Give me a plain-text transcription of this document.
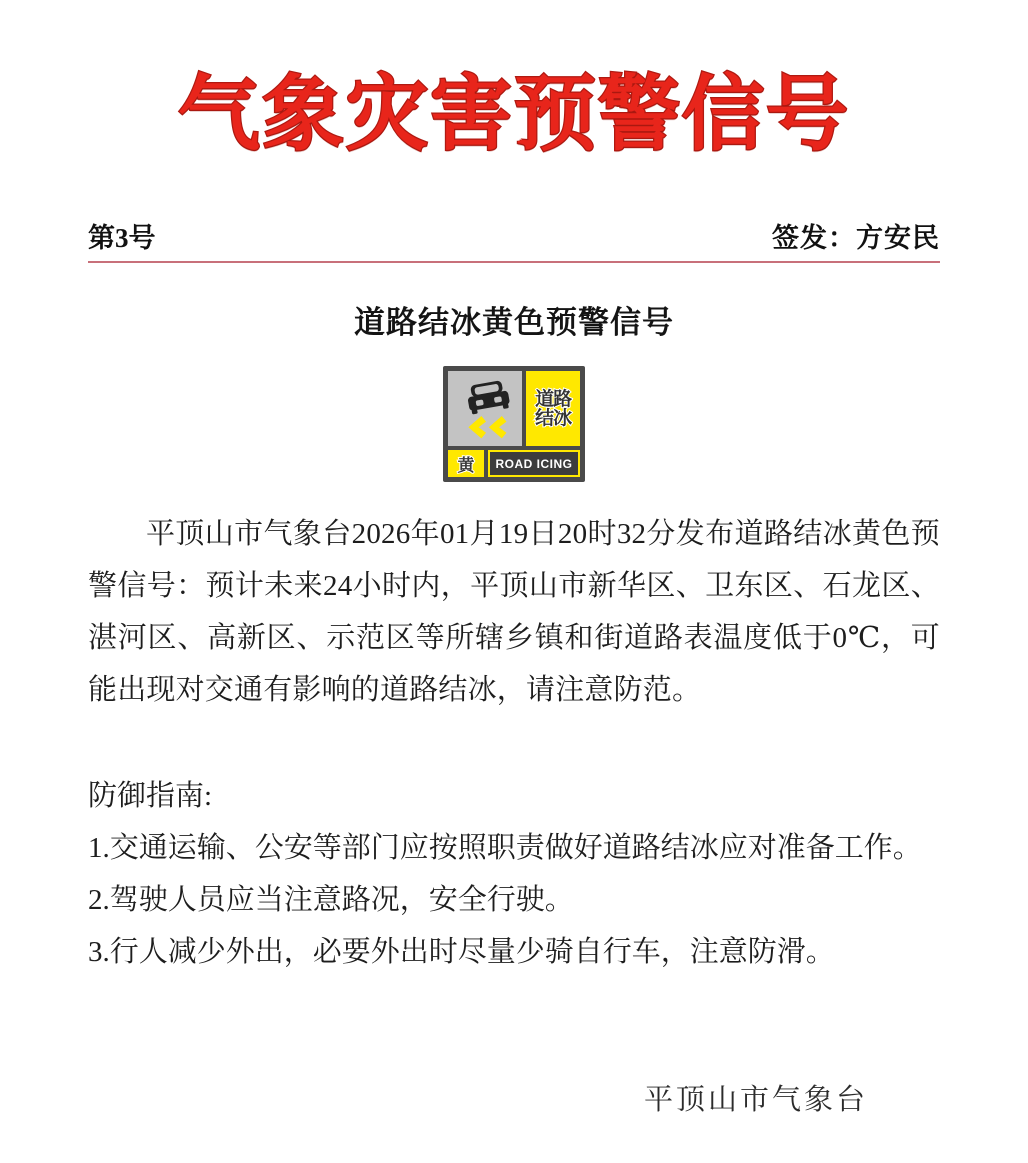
气象灾害预警信号
第3号	签发：方安民
道路结冰黄色预警信号
道路
结冰
黄 ROAD ICING
平顶山市气象台2026年01月19日20时32分发布道路结冰黄色预警信号：预计未来24小时内，平顶山市新华区、卫东区、石龙区、湛河区、高新区、示范区等所辖乡镇和街道路表温度低于0℃，可能出现对交通有影响的道路结冰，请注意防范。
防御指南:
1.交通运输、公安等部门应按照职责做好道路结冰应对准备工作。
2.驾驶人员应当注意路况，安全行驶。
3.行人减少外出，必要外出时尽量少骑自行车，注意防滑。
平顶山市气象台
